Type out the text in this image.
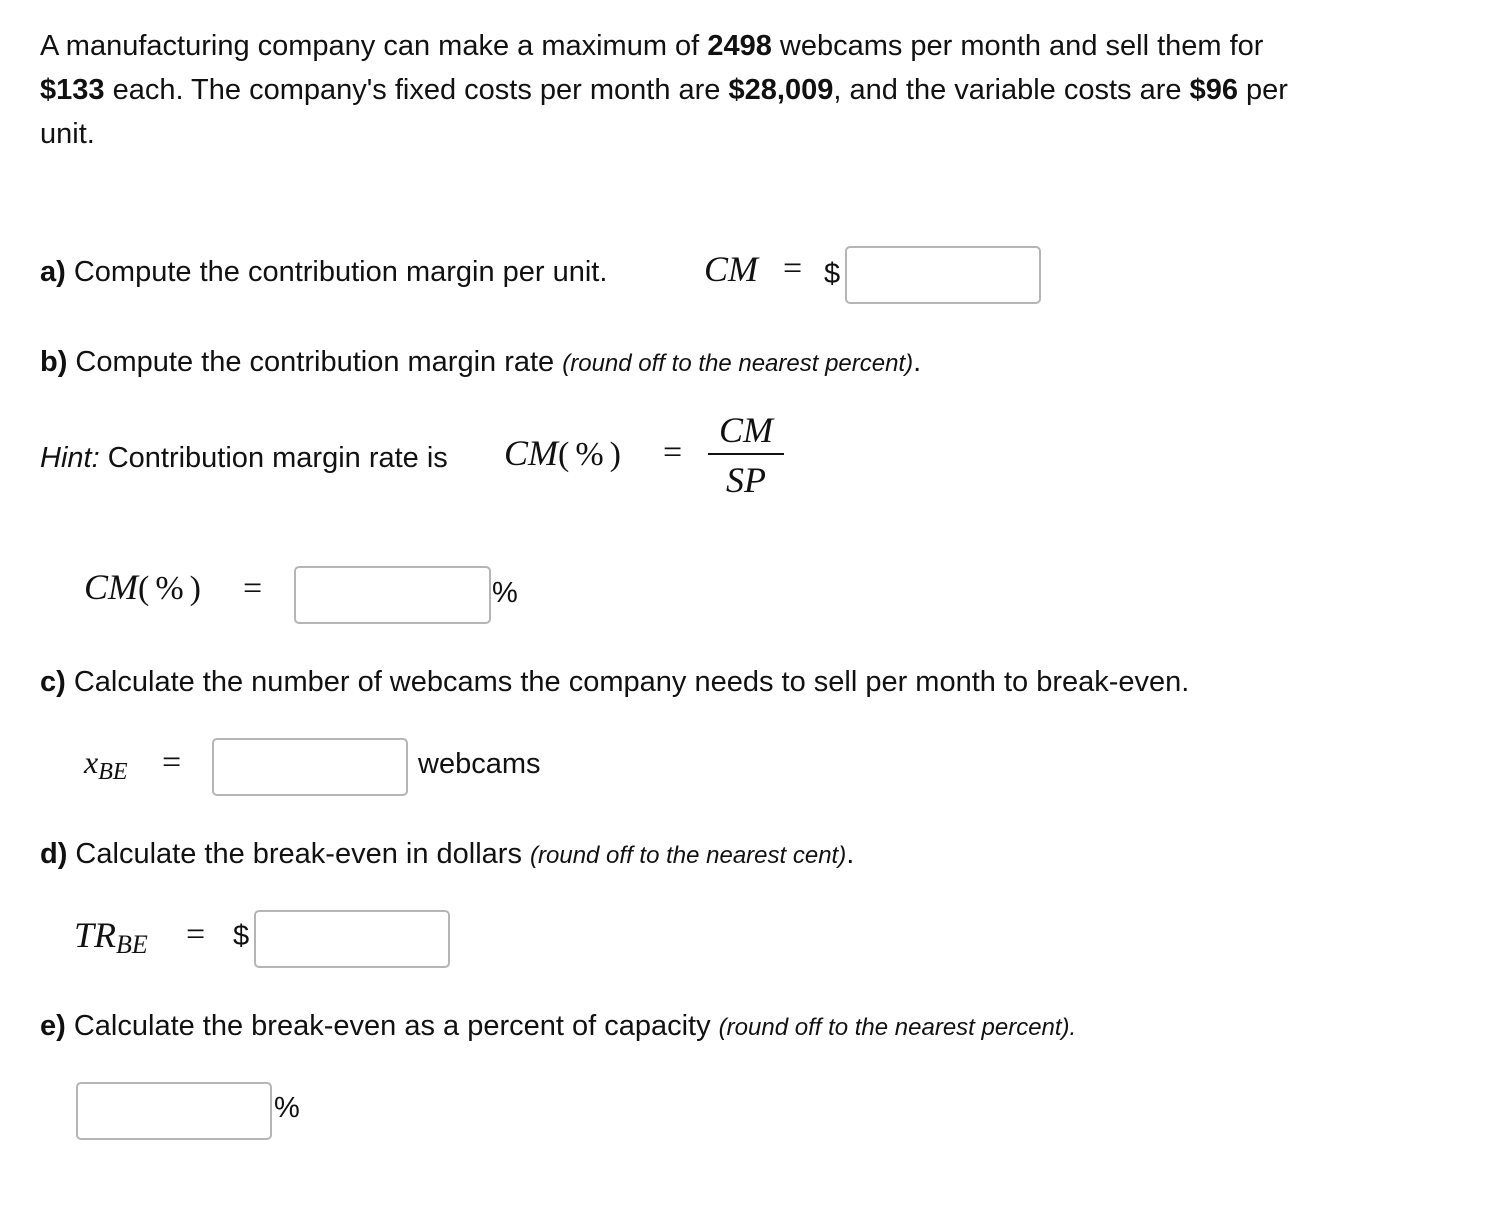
A manufacturing company can make a maximum of 2498 webcams per month and sell them for
$133 each. The company's fixed costs per month are $28,009, and the variable costs are $96 per
unit.
a) Compute the contribution margin per unit.	CM = $
b) Compute the contribution margin rate (round off to the nearest percent).
Hint: Contribution margin rate is CM( % ) =
CM
SP
CM( % ) =	%
c) Calculate the number of webcams the company needs to sell per month to break-even.
xBE =	webcams
d) Calculate the break-even in dollars (round off to the nearest cent).
TRBE = $
e) Calculate the break-even as a percent of capacity (round off to the nearest percent).
%
